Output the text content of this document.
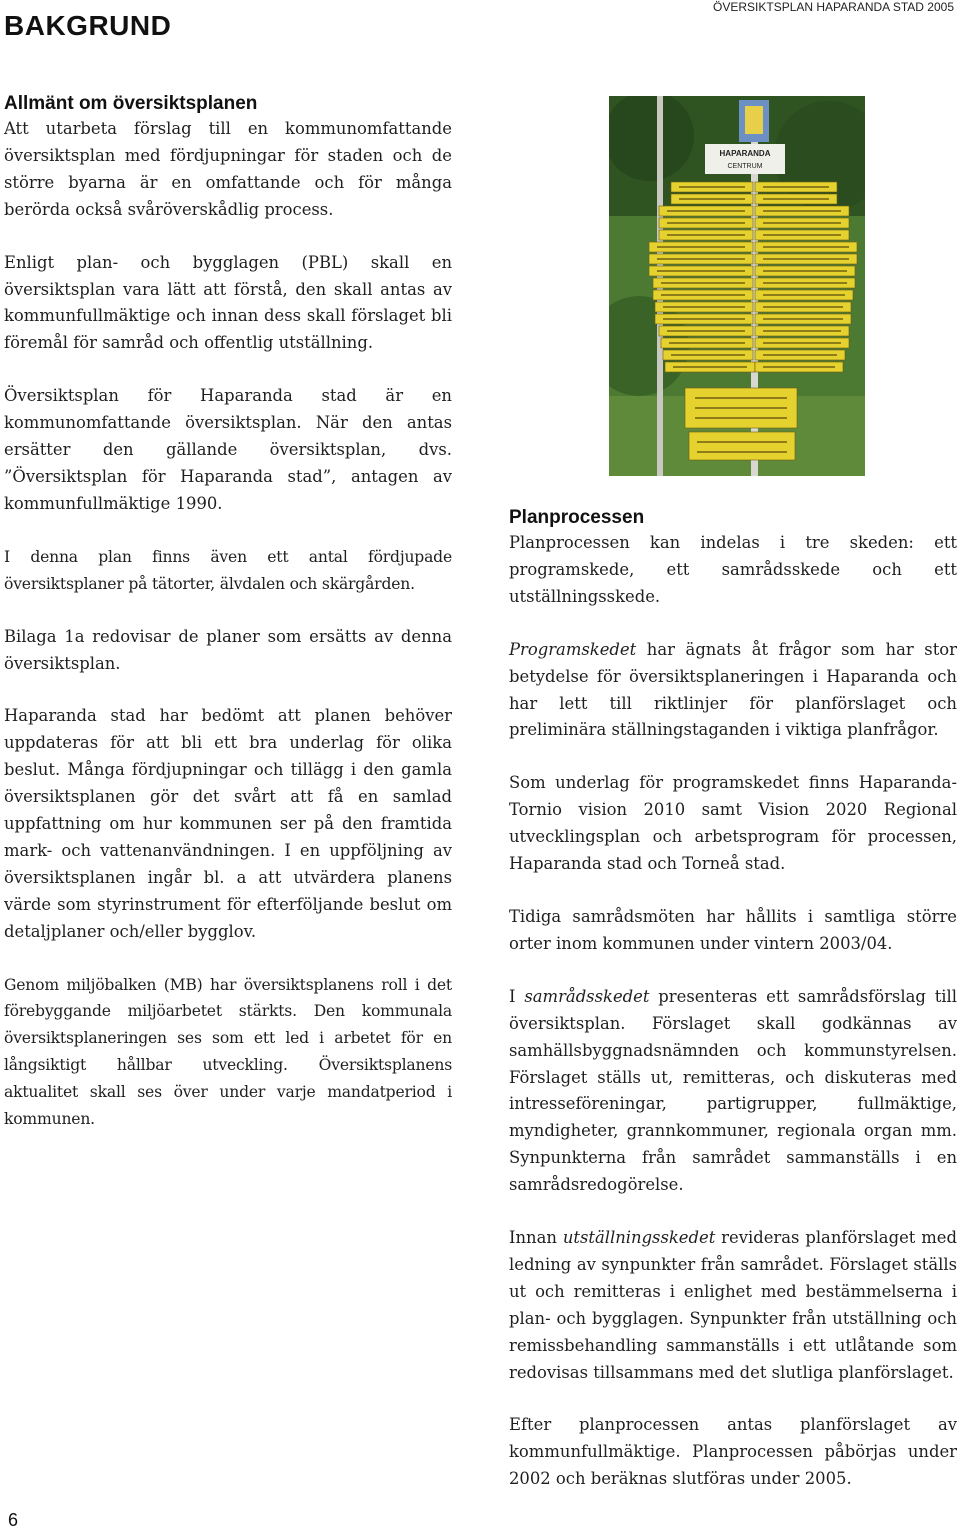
BAKGRUND
ÖVERSIKTSPLAN HAPARANDA STAD 2005
Allmänt om översiktsplanen

Att utarbeta förslag till en kommunomfattande översiktsplan med fördjupningar för staden och de större byarna är en omfattande och för många berörda också svåröverskådlig process.

Enligt plan- och bygglagen (PBL) skall en översiktsplan vara lätt att förstå, den skall antas av kommunfullmäktige och innan dess skall förslaget bli föremål för samråd och offentlig utställning.

Översiktsplan för Haparanda stad är en kommunomfattande översiktsplan. När den antas ersätter den gällande översiktsplan, dvs. ”Översiktsplan för Haparanda stad”, antagen av kommunfullmäktige 1990.

I denna plan finns även ett antal fördjupade översiktsplaner på tätorter, älvdalen och skärgården.

Bilaga 1a redovisar de planer som ersätts av denna översiktsplan.

Haparanda stad har bedömt att planen behöver uppdateras för att bli ett bra underlag för olika beslut. Många fördjupningar och tillägg i den gamla översiktsplanen gör det svårt att få en samlad uppfattning om hur kommunen ser på den framtida mark- och vattenanvändningen. I en uppföljning av översiktsplanen ingår bl. a att utvärdera planens värde som styrinstrument för efterföljande beslut om detaljplaner och/eller bygglov.

Genom miljöbalken (MB) har översiktsplanens roll i det förebyggande miljöarbetet stärkts. Den kommunala översiktsplaneringen ses som ett led i arbetet för en långsiktigt hållbar utveckling. Översiktsplanens aktualitet skall ses över under varje mandatperiod i kommunen.

HAPARANDA
CENTRUM
Planprocessen

Planprocessen kan indelas i tre skeden: ett programskede, ett samrådsskede och ett utställningsskede.

Programskedet har ägnats åt frågor som har stor betydelse för översiktsplaneringen i Haparanda och har lett till riktlinjer för planförslaget och preliminära ställningstaganden i viktiga planfrågor.

Som underlag för programskedet finns Haparanda-Tornio vision 2010 samt Vision 2020 Regional utvecklingsplan och arbetsprogram för processen, Haparanda stad och Torneå stad.

Tidiga samrådsmöten har hållits i samtliga större orter inom kommunen under vintern 2003/04.

I samrådsskedet presenteras ett samrådsförslag till översiktsplan. Förslaget skall godkännas av samhällsbyggnadsnämnden och kommunstyrelsen. Förslaget ställs ut, remitteras, och diskuteras med intresseföreningar, partigrupper, fullmäktige, myndigheter, grannkommuner, regionala organ mm. Synpunkterna från samrådet sammanställs i en samrådsredogörelse.

Innan utställningsskedet revideras planförslaget med ledning av synpunkter från samrådet. Förslaget ställs ut och remitteras i enlighet med bestämmelserna i plan- och bygglagen. Synpunkter från utställning och remissbehandling sammanställs i ett utlåtande som redovisas tillsammans med det slutliga planförslaget.

Efter planprocessen antas planförslaget av kommunfullmäktige. Planprocessen påbörjas under 2002 och beräknas slutföras under 2005.

6
